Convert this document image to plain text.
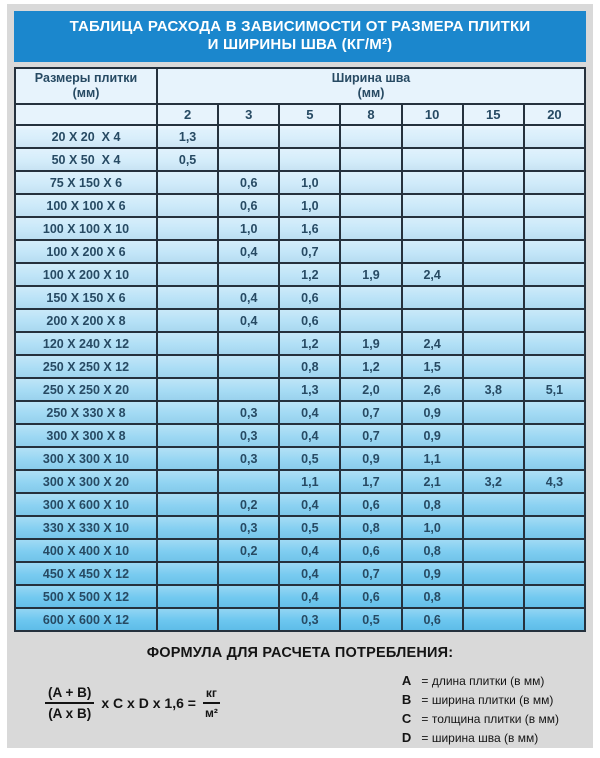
ТАБЛИЦА РАСХОДА В ЗАВИСИМОСТИ ОТ РАЗМЕРА ПЛИТКИ
И ШИРИНЫ ШВА (КГ/М²)
Размеры плитки
(мм)	Ширина шва
(мм)						
	2	3	5	8	10	15	20
20 X 20  X 4	1,3						
50 X 50  X 4	0,5						
75 X 150 X 6		0,6	1,0				
100 X 100 X 6		0,6	1,0				
100 X 100 X 10		1,0	1,6				
100 X 200 X 6		0,4	0,7				
100 X 200 X 10			1,2	1,9	2,4		
150 X 150 X 6		0,4	0,6				
200 X 200 X 8		0,4	0,6				
120 X 240 X 12			1,2	1,9	2,4		
250 X 250 X 12			0,8	1,2	1,5		
250 X 250 X 20			1,3	2,0	2,6	3,8	5,1
250 X 330 X 8		0,3	0,4	0,7	0,9		
300 X 300 X 8		0,3	0,4	0,7	0,9		
300 X 300 X 10		0,3	0,5	0,9	1,1		
300 X 300 X 20			1,1	1,7	2,1	3,2	4,3
300 X 600 X 10		0,2	0,4	0,6	0,8		
330 X 330 X 10		0,3	0,5	0,8	1,0		
400 X 400 X 10		0,2	0,4	0,6	0,8		
450 X 450 X 12			0,4	0,7	0,9		
500 X 500 X 12			0,4	0,6	0,8		
600 X 600 X 12			0,3	0,5	0,6		
ФОРМУЛА ДЛЯ РАСЧЕТА ПОТРЕБЛЕНИЯ:
$\frac{(A + B)}{\text{(A x B)}}$ x C x D x $1,6 = \frac{кг}{\text{м²}}$
A = длина плитки (в мм)
B = ширина плитки (в мм)
C = толщина плитки (в мм)
D = ширина шва (в мм)
